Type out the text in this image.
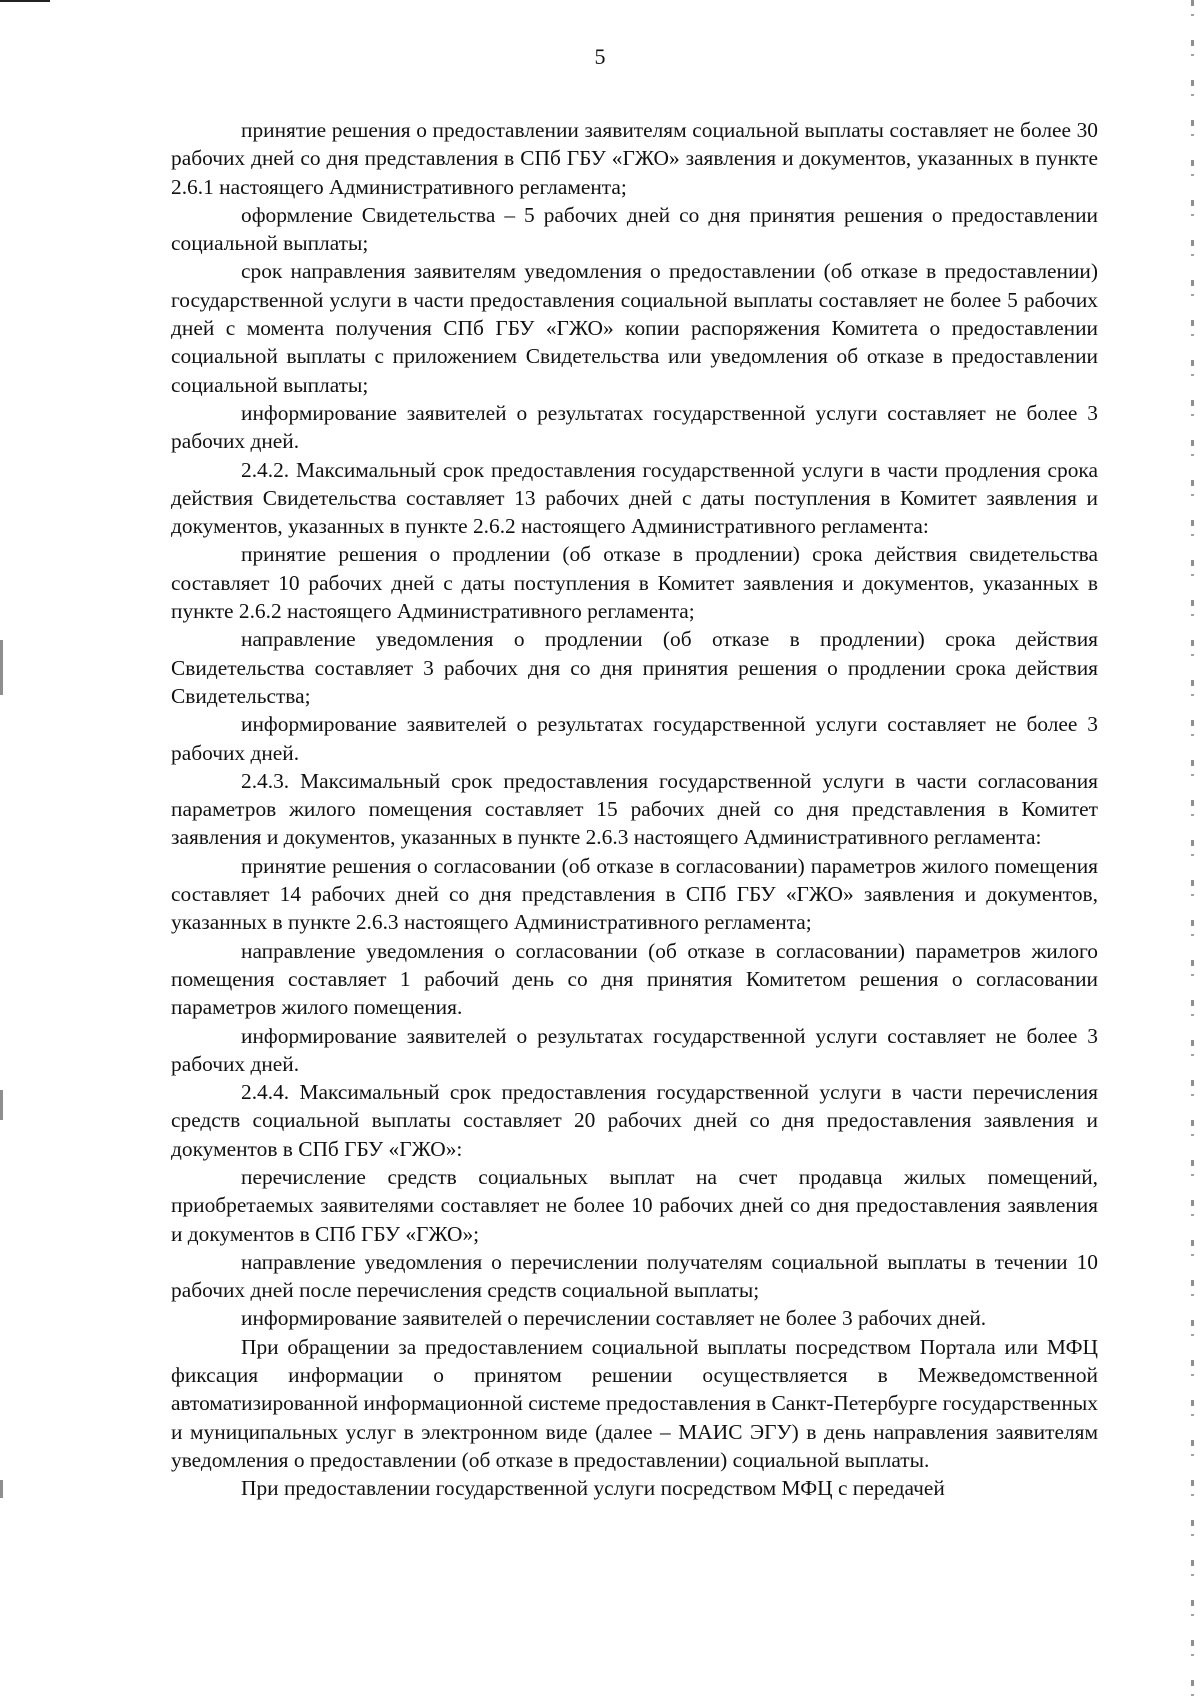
5

принятие решения о предоставлении заявителям социальной выплаты составляет не более 30 рабочих дней со дня представления в СПб ГБУ «ГЖО» заявления и документов, указанных в пункте 2.6.1 настоящего Административного регламента;

оформление Свидетельства – 5 рабочих дней со дня принятия решения о предоставлении социальной выплаты;

срок направления заявителям уведомления о предоставлении (об отказе в предоставлении) государственной услуги в части предоставления социальной выплаты составляет не более 5 рабочих дней с момента получения СПб ГБУ «ГЖО» копии распоряжения Комитета о предоставлении социальной выплаты с приложением Свидетельства или уведомления об отказе в предоставлении социальной выплаты;

информирование заявителей о результатах государственной услуги составляет не более 3 рабочих дней.

2.4.2. Максимальный срок предоставления государственной услуги в части продления срока действия Свидетельства составляет 13 рабочих дней с даты поступления в Комитет заявления и документов, указанных в пункте 2.6.2 настоящего Административного регламента:

принятие решения о продлении (об отказе в продлении) срока действия свидетельства составляет 10 рабочих дней с даты поступления в Комитет заявления и документов, указанных в пункте 2.6.2 настоящего Административного регламента;

направление уведомления о продлении (об отказе в продлении) срока действия Свидетельства составляет 3 рабочих дня со дня принятия решения о продлении срока действия Свидетельства;

информирование заявителей о результатах государственной услуги составляет не более 3 рабочих дней.

2.4.3. Максимальный срок предоставления государственной услуги в части согласования параметров жилого помещения составляет 15 рабочих дней со дня представления в Комитет заявления и документов, указанных в пункте 2.6.3 настоящего Административного регламента:

принятие решения о согласовании (об отказе в согласовании) параметров жилого помещения составляет 14 рабочих дней со дня представления в СПб ГБУ «ГЖО» заявления и документов, указанных в пункте 2.6.3 настоящего Административного регламента;

направление уведомления о согласовании (об отказе в согласовании) параметров жилого помещения составляет 1 рабочий день со дня принятия Комитетом решения о согласовании параметров жилого помещения.

информирование заявителей о результатах государственной услуги составляет не более 3 рабочих дней.

2.4.4. Максимальный срок предоставления государственной услуги в части перечисления средств социальной выплаты составляет 20 рабочих дней со дня предоставления заявления и документов в СПб ГБУ «ГЖО»:

перечисление средств социальных выплат на счет продавца жилых помещений, приобретаемых заявителями составляет не более 10 рабочих дней со дня предоставления заявления и документов в СПб ГБУ «ГЖО»;

направление уведомления о перечислении получателям социальной выплаты в течении 10 рабочих дней после перечисления средств социальной выплаты;

информирование заявителей о перечислении составляет не более 3 рабочих дней.

При обращении за предоставлением социальной выплаты посредством Портала или МФЦ фиксация информации о принятом решении осуществляется в Межведомственной автоматизированной информационной системе предоставления в Санкт-Петербурге государственных и муниципальных услуг в электронном виде (далее – МАИС ЭГУ) в день направления заявителям уведомления о предоставлении (об отказе в предоставлении) социальной выплаты.

При предоставлении государственной услуги посредством МФЦ с передачей
